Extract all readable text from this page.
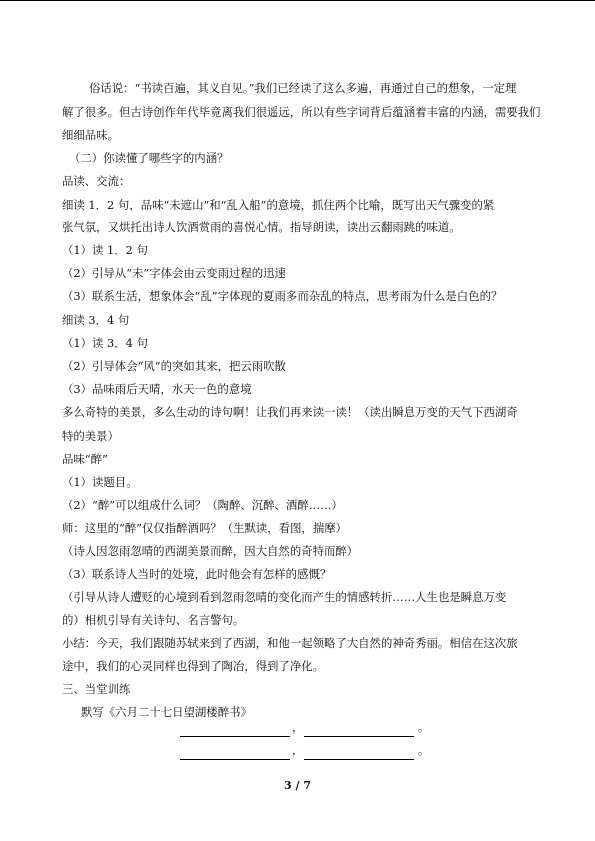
俗话说：“书读百遍，其义自见。”我们已经读了这么多遍，再通过自己的想象，一定理
解了很多。但古诗创作年代毕竟离我们很遥远，所以有些字词背后蕴涵着丰富的内涵，需要我们
细细品味。
（二）你读懂了哪些字的内涵？
品读、交流：
细读 1．2 句，品味“未遮山”和“乱入船”的意境，抓住两个比喻，既写出天气骤变的紧
张气氛，又烘托出诗人饮酒赏雨的喜悦心情。指导朗读，读出云翻雨跳的味道。
（1）读 1．2 句
（2）引导从“未”字体会由云变雨过程的迅速
（3）联系生活，想象体会“乱”字体现的夏雨多而杂乱的特点，思考雨为什么是白色的？
细读 3．4 句
（1）读 3．4 句
（2）引导体会“风”的突如其来，把云雨吹散
（3）品味雨后天晴，水天一色的意境
多么奇特的美景，多么生动的诗句啊！让我们再来读一读！（读出瞬息万变的天气下西湖奇
特的美景）
品味“醉”
（1）读题目。
（2）“醉”可以组成什么词？（陶醉、沉醉、酒醉……）
师：这里的“醉”仅仅指醉酒吗？（生默读，看图，揣摩）
（诗人因忽雨忽晴的西湖美景而醉，因大自然的奇特而醉）
（3）联系诗人当时的处境，此时他会有怎样的感慨？
（引导从诗人遭贬的心境到看到忽雨忽晴的变化而产生的情感转折……人生也是瞬息万变
的）相机引导有关诗句、名言警句。
小结：今天，我们跟随苏轼来到了西湖，和他一起领略了大自然的神奇秀丽。相信在这次旅
途中，我们的心灵同样也得到了陶冶，得到了净化。
三、当堂训练
默写《六月二十七日望湖楼醉书》
，	。
，	。
3 / 7
